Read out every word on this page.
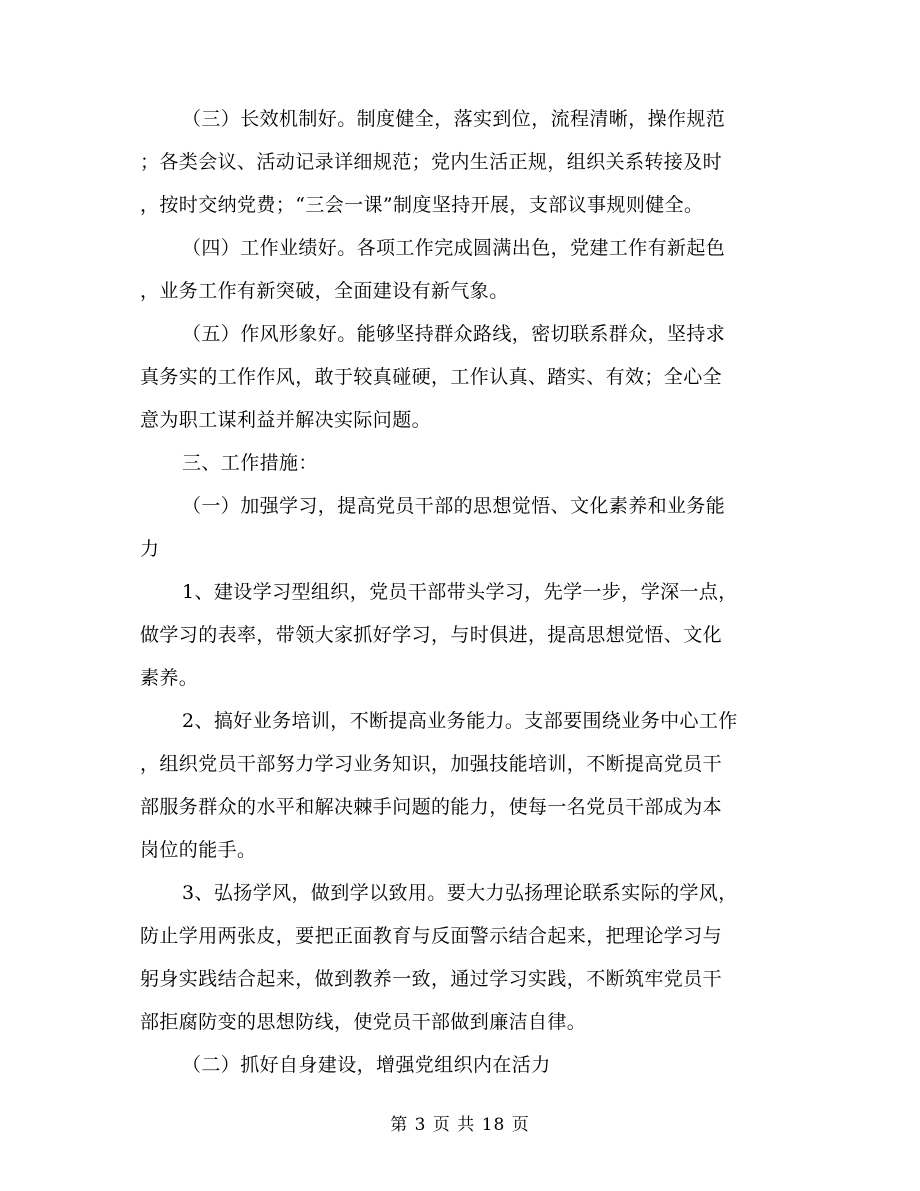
（三）长效机制好。制度健全，落实到位，流程清晰，操作规范
；各类会议、活动记录详细规范；党内生活正规，组织关系转接及时
，按时交纳党费；“三会一课”制度坚持开展，支部议事规则健全。
（四）工作业绩好。各项工作完成圆满出色，党建工作有新起色
，业务工作有新突破，全面建设有新气象。
（五）作风形象好。能够坚持群众路线，密切联系群众，坚持求
真务实的工作作风，敢于较真碰硬，工作认真、踏实、有效；全心全
意为职工谋利益并解决实际问题。
三、工作措施：
（一）加强学习，提高党员干部的思想觉悟、文化素养和业务能
力
1、建设学习型组织，党员干部带头学习，先学一步，学深一点，
做学习的表率，带领大家抓好学习，与时俱进，提高思想觉悟、文化
素养。
2、搞好业务培训，不断提高业务能力。支部要围绕业务中心工作
，组织党员干部努力学习业务知识，加强技能培训，不断提高党员干
部服务群众的水平和解决棘手问题的能力，使每一名党员干部成为本
岗位的能手。
3、弘扬学风，做到学以致用。要大力弘扬理论联系实际的学风，
防止学用两张皮，要把正面教育与反面警示结合起来，把理论学习与
躬身实践结合起来，做到教养一致，通过学习实践，不断筑牢党员干
部拒腐防变的思想防线，使党员干部做到廉洁自律。
（二）抓好自身建设，增强党组织内在活力
第 3 页 共 18 页
